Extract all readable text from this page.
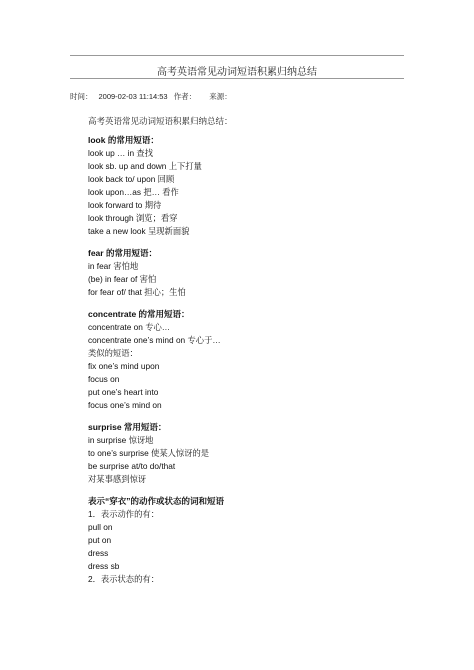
高考英语常见动词短语积累归纳总结
时间： 2009-02-03 11:14:53 作者： 来源：
高考英语常见动词短语积累归纳总结：
look 的常用短语：
look up … in 查找
look sb. up and down 上下打量
look back to/ upon 回顾
look upon…as 把… 看作
look forward to 期待
look through 浏览；看穿
take a new look 呈现新面貌
fear 的常用短语：
in fear 害怕地
(be) in fear of 害怕
for fear of/ that 担心；生怕
concentrate 的常用短语：
concentrate on 专心…
concentrate one’s mind on 专心于…
类似的短语：
fix one’s mind upon
focus on
put one’s heart into
focus one’s mind on
surprise 常用短语：
in surprise 惊讶地
to one’s surprise 使某人惊讶的是
be surprise at/to do/that
对某事感到惊讶
表示“穿衣”的动作或状态的词和短语
1．表示动作的有：
pull on
put on
dress
dress sb
2．表示状态的有：
